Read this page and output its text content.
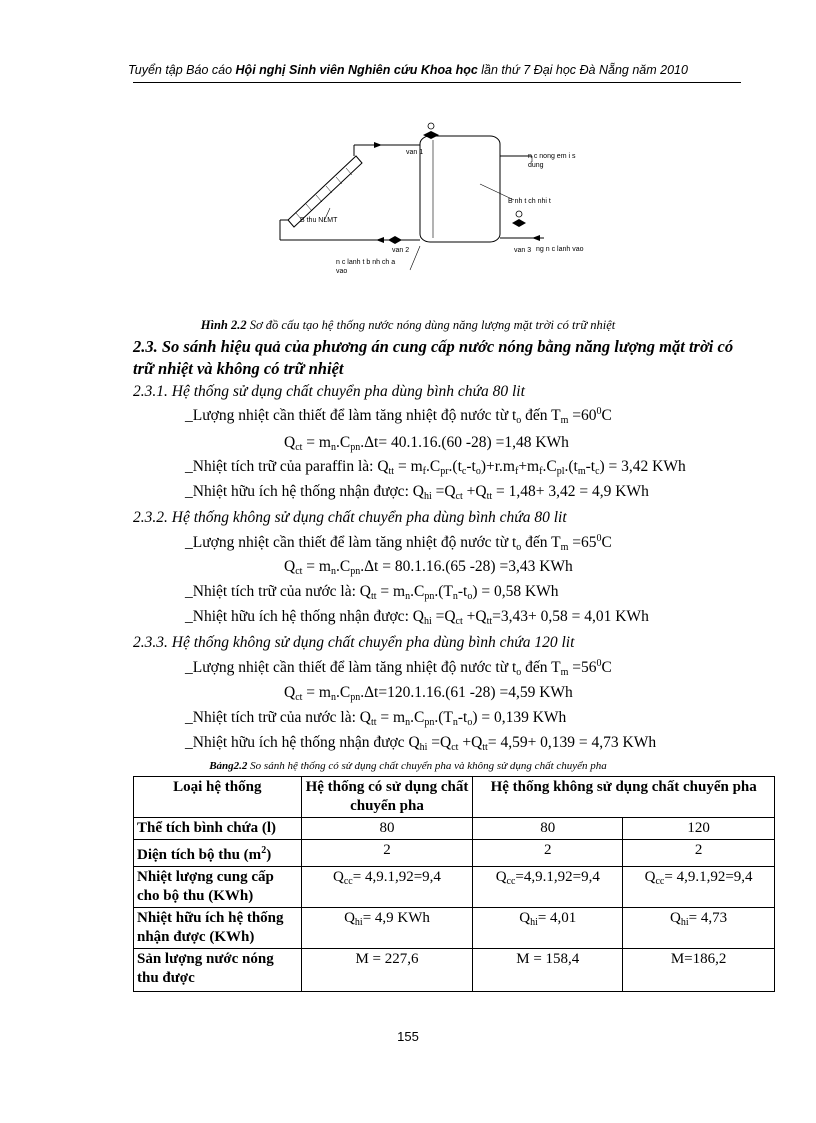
Tuyển tập Báo cáo Hội nghị Sinh viên Nghiên cứu Khoa học lần thứ 7 Đại học Đà Nẵng năm 2010
van 1
n c nong em i s
dung
B nh t ch nhi t
B thu NLMT
van 2	van 3 ng n c lanh vao
n c lanh t b nh ch a
vao
Hình 2.2 Sơ đồ cấu tạo hệ thống nước nóng dùng năng lượng mặt trời có trữ nhiệt
2.3. So sánh hiệu quả của phương án cung cấp nước nóng bằng năng lượng mặt trời có
trữ nhiệt và không có trữ nhiệt
2.3.1. Hệ thống sử dụng chất chuyển pha dùng bình chứa 80 lit
_Lượng nhiệt cần thiết để làm tăng nhiệt độ nước từ $t_o$ đến $T_m =60^0C$
$Q_{ct} = m_n.C_{pn}.\Delta t= 40.1.16.(60$ -28) =1,48 KWh
_Nhiệt tích trữ của paraffin là: $Q_{tt} = m_f.C_{pr}.(t_c-t_o)+r.m_f+m_f.C_{pl}.(t_m-t_c) = 3,42$ KWh
_Nhiệt hữu ích hệ thống nhận được: $Q_{hi} =Q_{ct} +Q_{tt} = 1,48+ 3,42 = 4,9$ KWh
2.3.2. Hệ thống không sử dụng chất chuyển pha dùng bình chứa 80 lit
_Lượng nhiệt cần thiết để làm tăng nhiệt độ nước từ $t_o$ đến $T_m =65^0C$
$Q_{ct} = m_n.C_{pn}.\Delta t = 80.1.16.(65$ -28) =3,43 KWh
_Nhiệt tích trữ của nước là: $Q_{tt} = m_n.C_{pn}.(T_n-t_o) = 0,58$ KWh
_Nhiệt hữu ích hệ thống nhận được: $Q_{hi} =Q_{ct} +Q_{tt}=3,43+ 0,58 = 4,01$ KWh
2.3.3. Hệ thống không sử dụng chất chuyển pha dùng bình chứa 120 lit
_Lượng nhiệt cần thiết để làm tăng nhiệt độ nước từ $t_o$ đến $T_m =56^0C$
$Q_{ct} = m_n.C_{pn}.\Delta t=120.1.16.(61$ -28) =4,59 KWh
_Nhiệt tích trữ của nước là: $Q_{tt} = m_n.C_{pn}.(T_n-t_o) = 0,139$ KWh
_Nhiệt hữu ích hệ thống nhận được $Q_{hi} =Q_{ct} +Q_{tt}= 4,59+ 0,139 = 4,73$ KWh
Bảng2.2 So sánh hệ thống có sử dụng chất chuyển pha và không sử dụng chất chuyển pha
Loại hệ thống	Hệ thống có sử dụng chất chuyển pha	Hệ thống không sử dụng chất chuyển pha	
Thể tích bình chứa (l)	80	80	120
Diện tích bộ thu $(m^2)$	2	2	2
Nhiệt lượng cung cấp cho bộ thu (KWh)	$Q_{cc}= 4,9.1,92=9,4$	$Q_{cc}=4,9.1,92=9,4$	$Q_{cc}= 4,9.1,92=9,4$
Nhiệt hữu ích hệ thống nhận được (KWh)	$Q_{hi}= 4,9$ KWh	$Q_{hi}= 4,01$	$Q_{hi}= 4,73$
Sản lượng nước nóng thu được	M = 227,6	M = 158,4	M=186,2
155
